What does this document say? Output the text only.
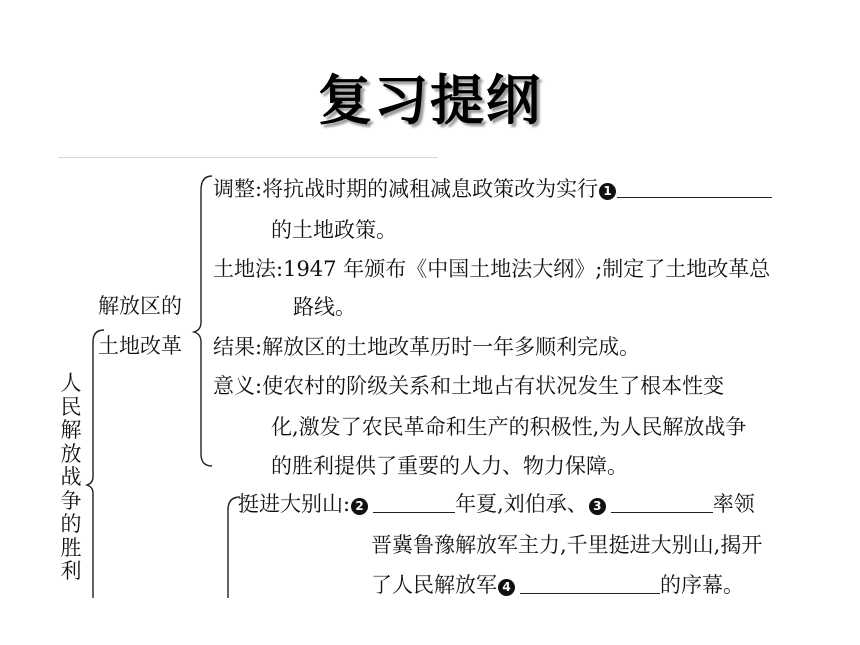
复习提纲
人
民
解
放
战
争
的
胜
利
解放区的
土地改革
调整:将抗战时期的减租减息政策改为实行 1
的土地政策。
土地法:1947 年颁布《中国土地法大纲》;制定了土地改革总
路线。
结果:解放区的土地改革历时一年多顺利完成。
意义:使农村的阶级关系和土地占有状况发生了根本性变
化,激发了农民革命和生产的积极性,为人民解放战争
的胜利提供了重要的人力、物力保障。
挺进大别山: 2	年夏,刘伯承、 3	率领
晋冀鲁豫解放军主力,千里挺进大别山,揭开
了人民解放军 4	的序幕。
